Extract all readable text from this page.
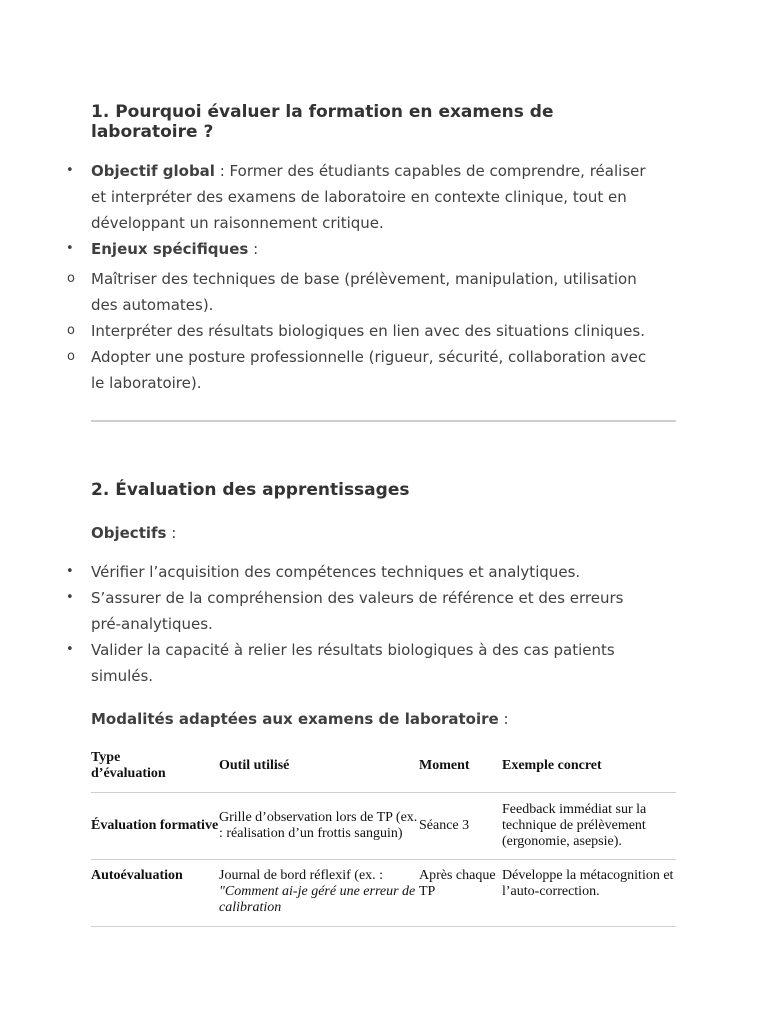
1. Pourquoi évaluer la formation en examens de
laboratoire ?
• Objectif global : Former des étudiants capables de comprendre, réaliser
et interpréter des examens de laboratoire en contexte clinique, tout en
développant un raisonnement critique.
• Enjeux spécifiques :
o Maîtriser des techniques de base (prélèvement, manipulation, utilisation
des automates).
o Interpréter des résultats biologiques en lien avec des situations cliniques.
o Adopter une posture professionnelle (rigueur, sécurité, collaboration avec
le laboratoire).
2. Évaluation des apprentissages
Objectifs :
• Vérifier l’acquisition des compétences techniques et analytiques.
• S’assurer de la compréhension des valeurs de référence et des erreurs
pré-analytiques.
• Valider la capacité à relier les résultats biologiques à des cas patients
simulés.
Modalités adaptées aux examens de laboratoire :
Type
d’évaluation	Outil utilisé	Moment	Exemple concret
Évaluation formative	Grille d’observation lors de TP (ex. : réalisation d’un frottis sanguin)	Séance 3	Feedback immédiat sur la technique de prélèvement (ergonomie, asepsie).
Autoévaluation	Journal de bord réflexif (ex. : "Comment ai-je géré une erreur de calibration	Après chaque TP	Développe la métacognition et l’auto-correction.
